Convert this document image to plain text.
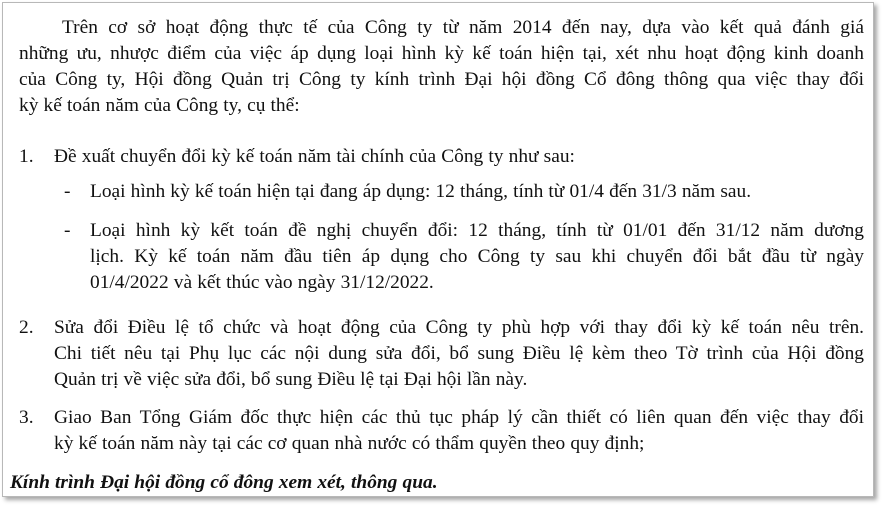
Trên cơ sở hoạt động thực tế của Công ty từ năm 2014 đến nay, dựa vào kết quả đánh giá
những ưu, nhược điểm của việc áp dụng loại hình kỳ kế toán hiện tại, xét nhu hoạt động kinh doanh
của Công ty, Hội đồng Quản trị Công ty kính trình Đại hội đồng Cổ đông thông qua việc thay đổi
kỳ kế toán năm của Công ty, cụ thể:
1. Đề xuất chuyển đổi kỳ kế toán năm tài chính của Công ty như sau:
- Loại hình kỳ kế toán hiện tại đang áp dụng: 12 tháng, tính từ 01/4 đến 31/3 năm sau.
- Loại hình kỳ kết toán đề nghị chuyển đổi: 12 tháng, tính từ 01/01 đến 31/12 năm dương
lịch. Kỳ kế toán năm đầu tiên áp dụng cho Công ty sau khi chuyển đổi bắt đầu từ ngày
01/4/2022 và kết thúc vào ngày 31/12/2022.
2. Sửa đổi Điều lệ tổ chức và hoạt động của Công ty phù hợp với thay đổi kỳ kế toán nêu trên.
Chi tiết nêu tại Phụ lục các nội dung sửa đổi, bổ sung Điều lệ kèm theo Tờ trình của Hội đồng
Quản trị về việc sửa đổi, bổ sung Điều lệ tại Đại hội lần này.
3. Giao Ban Tổng Giám đốc thực hiện các thủ tục pháp lý cần thiết có liên quan đến việc thay đổi
kỳ kế toán năm này tại các cơ quan nhà nước có thẩm quyền theo quy định;
Kính trình Đại hội đồng cổ đông xem xét, thông qua.
